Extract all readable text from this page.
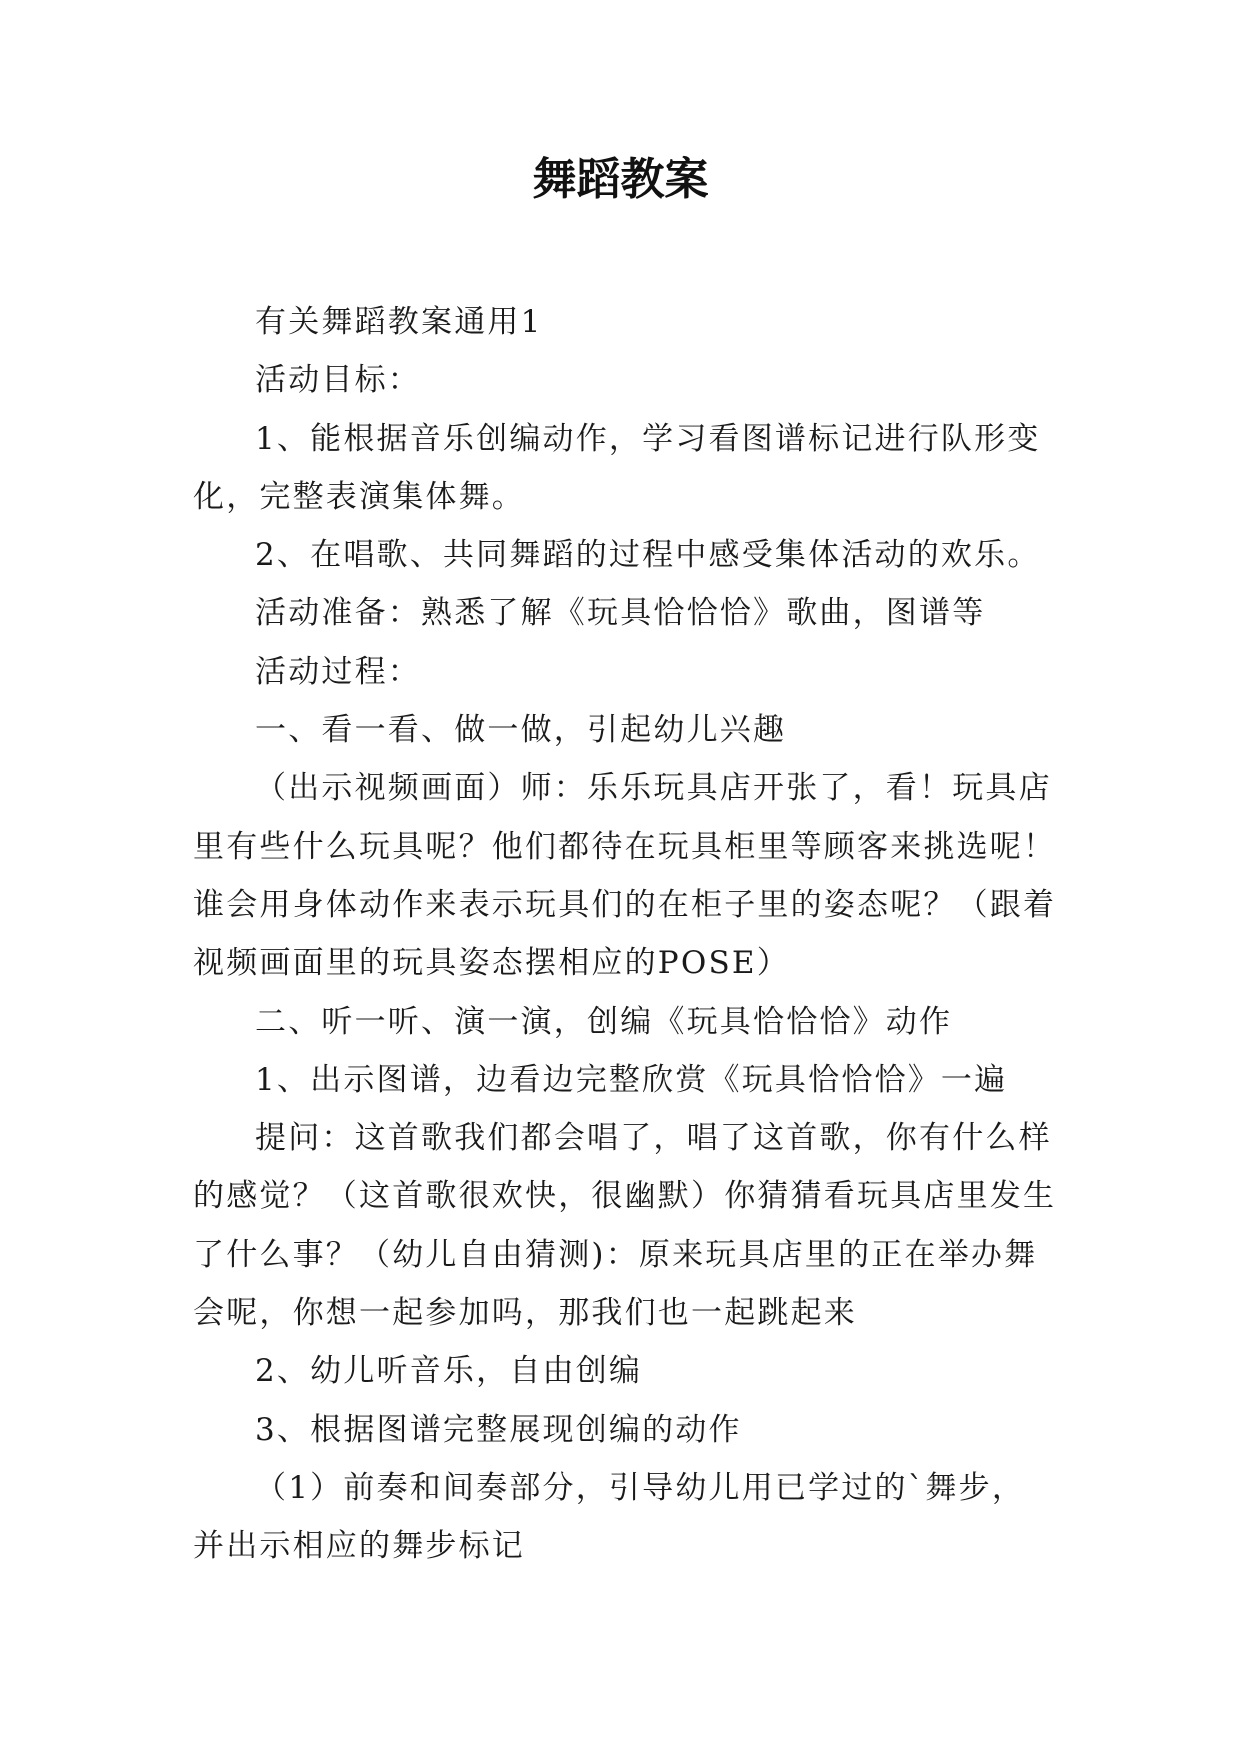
舞蹈教案

有关舞蹈教案通用1

活动目标：

1、能根据音乐创编动作，学习看图谱标记进行队形变化，完整表演集体舞。

2、在唱歌、共同舞蹈的过程中感受集体活动的欢乐。

活动准备：熟悉了解《玩具恰恰恰》歌曲，图谱等

活动过程：

一、看一看、做一做，引起幼儿兴趣

（出示视频画面）师：乐乐玩具店开张了，看！玩具店里有些什么玩具呢？他们都待在玩具柜里等顾客来挑选呢！谁会用身体动作来表示玩具们的在柜子里的姿态呢？（跟着视频画面里的玩具姿态摆相应的POSE）

二、听一听、演一演，创编《玩具恰恰恰》动作

1、出示图谱，边看边完整欣赏《玩具恰恰恰》一遍

提问：这首歌我们都会唱了，唱了这首歌，你有什么样的感觉？（这首歌很欢快，很幽默）你猜猜看玩具店里发生了什么事？（幼儿自由猜测)：原来玩具店里的正在举办舞会呢，你想一起参加吗，那我们也一起跳起来

2、幼儿听音乐，自由创编

3、根据图谱完整展现创编的动作

（1）前奏和间奏部分，引导幼儿用已学过的`舞步，并出示相应的舞步标记
